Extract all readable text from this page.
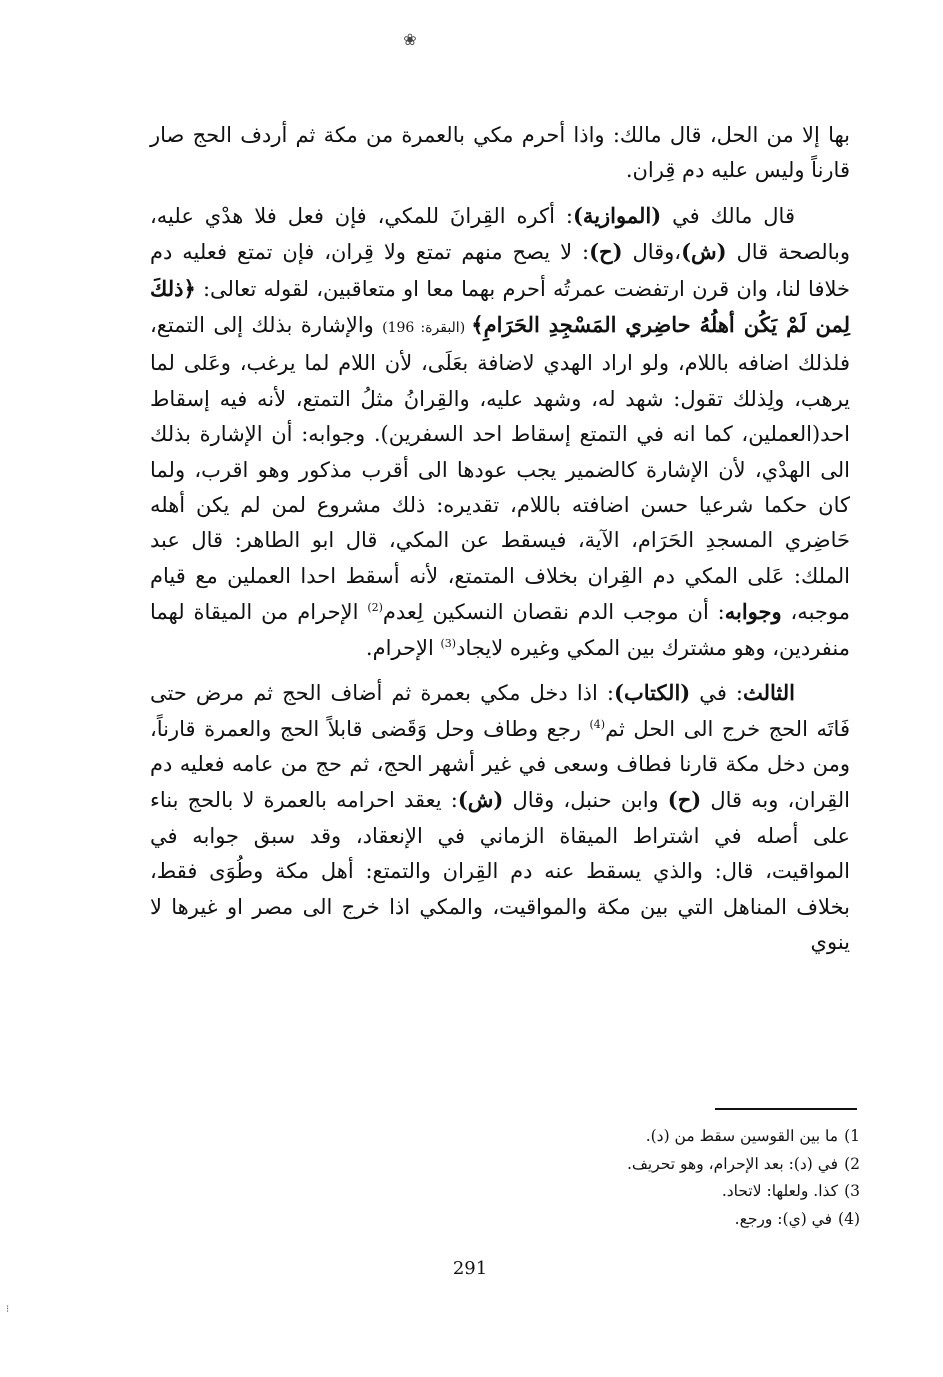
❀

بها إلا من الحل، قال مالك: واذا أحرم مكي بالعمرة من مكة ثم أردف الحج صار قارناً وليس عليه دم قِران.

قال مالك في (الموازية): أكره القِرانَ للمكي، فإن فعل فلا هدْي عليه، وبالصحة قال (ش)،وقال (ح): لا يصح منهم تمتع ولا قِران، فإن تمتع فعليه دم خلافا لنا، وان قرن ارتفضت عمرتُه أحرم بهما معا او متعاقبين، لقوله تعالى: ﴿ذلكَ لِمن لَمْ يَكُن أهلُهُ حاضِري المَسْجِدِ الحَرَامِ﴾ (البقرة: 196) والإشارة بذلك إلى التمتع، فلذلك اضافه باللام، ولو اراد الهدي لاضافة بعَلَى، لأن اللام لما يرغب، وعَلى لما يرهب، ولِذلك تقول: شهد له، وشهد عليه، والقِرانُ مثلُ التمتع، لأنه فيه إسقاط احد(العملين، كما انه في التمتع إسقاط احد السفرين). وجوابه: أن الإشارة بذلك الى الهدْي، لأن الإشارة كالضمير يجب عودها الى أقرب مذكور وهو اقرب، ولما كان حكما شرعيا حسن اضافته باللام، تقديره: ذلك مشروع لمن لم يكن أهله حَاضِري المسجدِ الحَرَام، الآية، فيسقط عن المكي، قال ابو الطاهر: قال عبد الملك: عَلى المكي دم القِران بخلاف المتمتع، لأنه أسقط احدا العملين مع قيام موجبه، وجوابه: أن موجب الدم نقصان النسكين لِعدم$^{(2)}$ الإحرام من الميقاة لهما منفردين، وهو مشترك بين المكي وغيره لايجاد$^{(3)}$ الإحرام.

الثالث: في (الكتاب): اذا دخل مكي بعمرة ثم أضاف الحج ثم مرض حتى فَاتَه الحج خرج الى الحل ثم$^{(4)}$ رجع وطاف وحل وَقَضى قابلاً الحج والعمرة قارناً، ومن دخل مكة قارنا فطاف وسعى في غير أشهر الحج، ثم حج من عامه فعليه دم القِران، وبه قال (ح) وابن حنبل، وقال (ش): يعقد احرامه بالعمرة لا بالحج بناء على أصله في اشتراط الميقاة الزماني في الإنعقاد، وقد سبق جوابه في المواقيت، قال: والذي يسقط عنه دم القِران والتمتع: أهل مكة وطُوَى فقط، بخلاف المناهل التي بين مكة والمواقيت، والمكي اذا خرج الى مصر او غيرها لا ينوي

1)ما بين القوسين سقط من (د).
2)في (د): بعد الإحرام، وهو تحريف.
3)كذا. ولعلها: لاتحاد.
(4)في (ي): ورجع.
291
⁝
